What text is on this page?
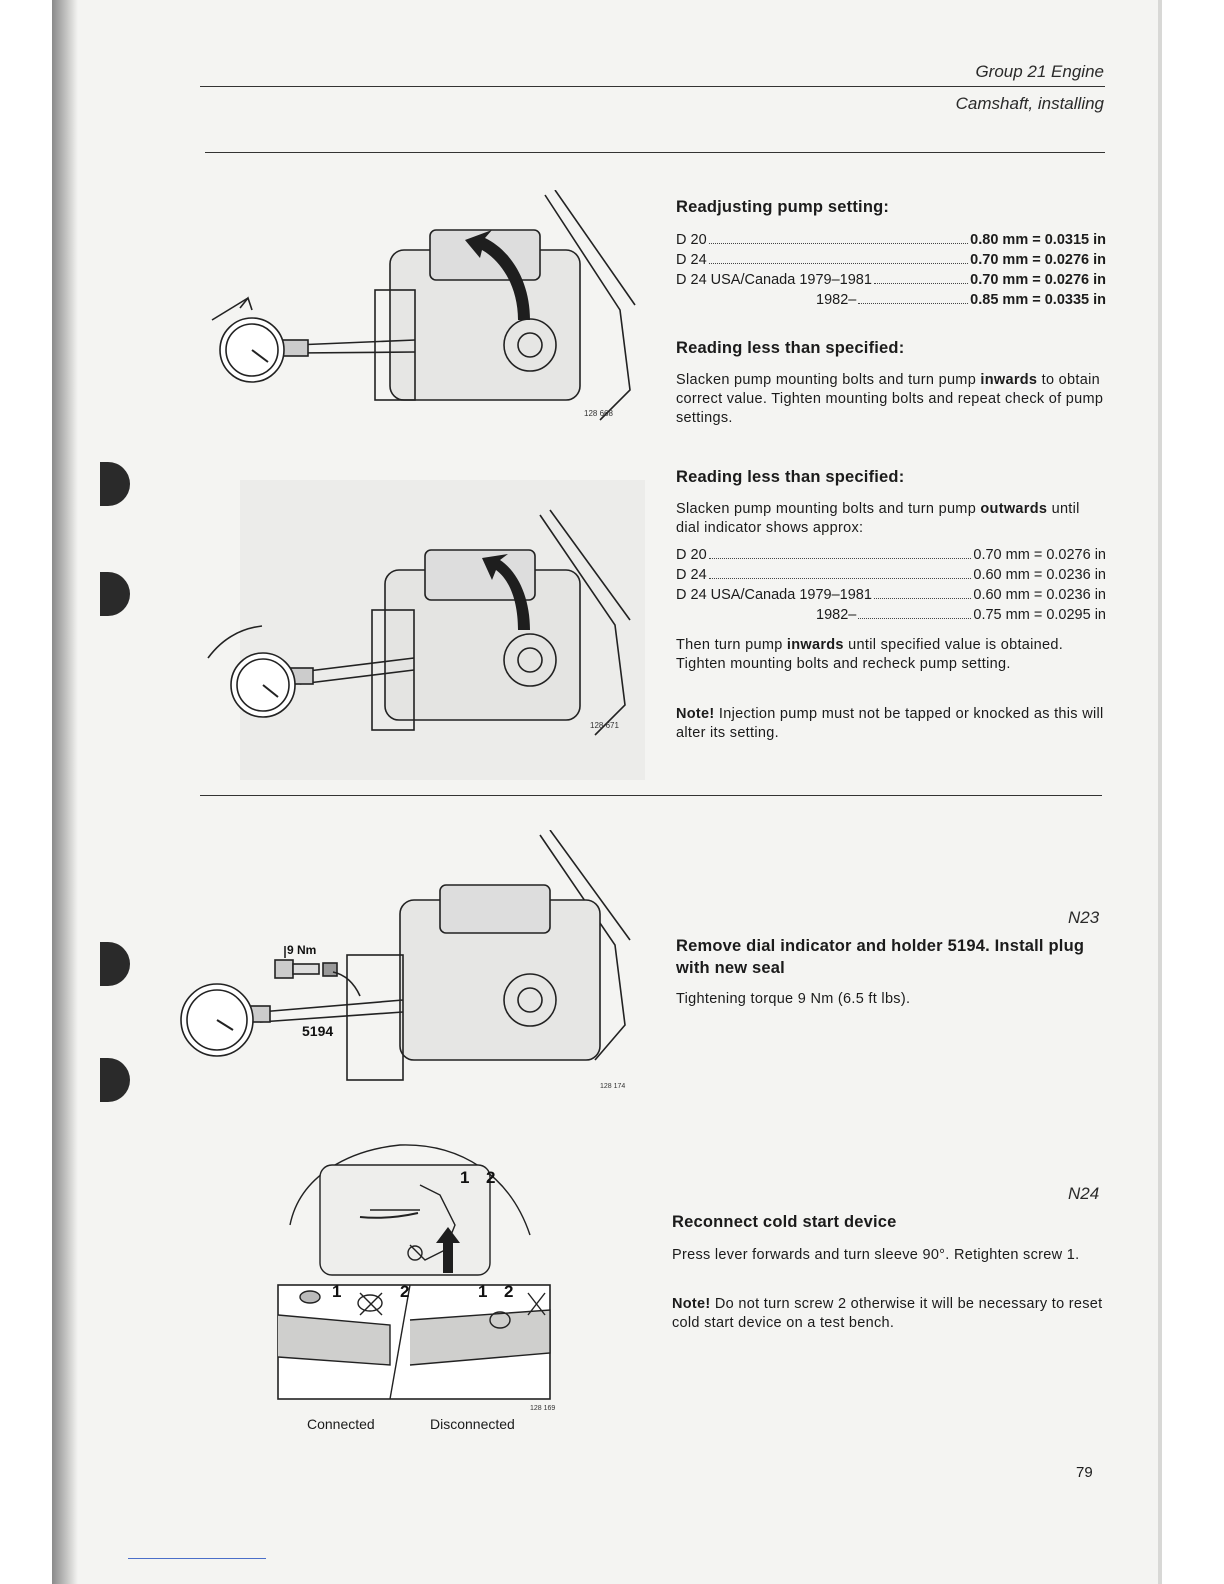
Group 21 Engine
Camshaft, installing
Readjusting pump setting:
D 20	0.80 mm = 0.0315 in
D 24	0.70 mm = 0.0276 in
D 24 USA/Canada 1979–1981	0.70 mm = 0.0276 in
1982–	0.85 mm = 0.0335 in
Reading less than specified:
Slacken pump mounting bolts and turn pump inwards to obtain correct value. Tighten mounting bolts and repeat check of pump settings.
Reading less than specified:
Slacken pump mounting bolts and turn pump outwards until dial indicator shows approx:
D 20	0.70 mm = 0.0276 in
D 24	0.60 mm = 0.0236 in
D 24 USA/Canada 1979–1981	0.60 mm = 0.0236 in
1982–	0.75 mm = 0.0295 in
Then turn pump inwards until specified value is obtained. Tighten mounting bolts and recheck pump setting.
Note! Injection pump must not be tapped or knocked as this will alter its setting.
N23
Remove dial indicator and holder 5194. Install plug with new seal
Tightening torque 9 Nm (6.5 ft lbs).
N24
Reconnect cold start device
Press lever forwards and turn sleeve 90°. Retighten screw 1.
Note! Do not turn screw 2 otherwise it will be necessary to reset cold start device on a test bench.
128 668
128 671
9 Nm
5194
128 174
1 2
1	2	1 2
128 169
Connected	Disconnected
79
